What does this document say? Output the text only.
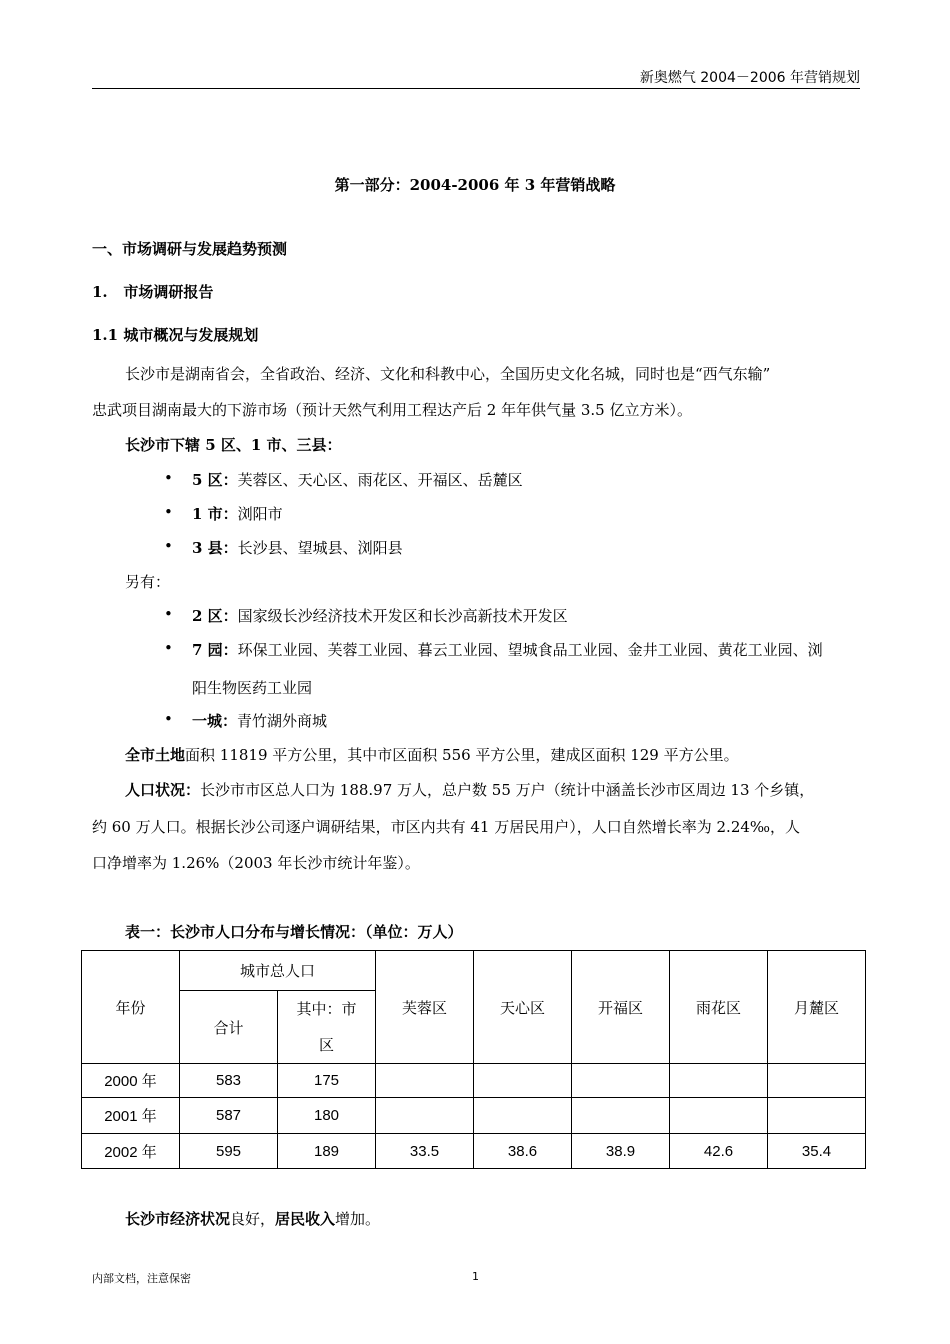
新奥燃气 2004－2006 年营销规划
第一部分：2004-2006 年 3 年营销战略
一、市场调研与发展趋势预测
1. 市场调研报告
1.1 城市概况与发展规划
长沙市是湖南省会，全省政治、经济、文化和科教中心，全国历史文化名城，同时也是“西气东输”
忠武项目湖南最大的下游市场（预计天然气利用工程达产后 2 年年供气量 3.5 亿立方米）。
长沙市下辖 5 区、1 市、三县：
• 5 区：芙蓉区、天心区、雨花区、开福区、岳麓区
• 1 市：浏阳市
• 3 县：长沙县、望城县、浏阳县
另有：
• 2 区：国家级长沙经济技术开发区和长沙高新技术开发区
• 7 园：环保工业园、芙蓉工业园、暮云工业园、望城食品工业园、金井工业园、黄花工业园、浏
阳生物医药工业园
• 一城：青竹湖外商城
全市土地面积 11819 平方公里，其中市区面积 556 平方公里，建成区面积 129 平方公里。
人口状况：长沙市市区总人口为 188.97 万人，总户数 55 万户（统计中涵盖长沙市区周边 13 个乡镇，
约 60 万人口。根据长沙公司逐户调研结果，市区内共有 41 万居民用户），人口自然增长率为 2.24‰，人
口净增率为 1.26%（2003 年长沙市统计年鉴）。
表一：长沙市人口分布与增长情况：（单位：万人）
年份	城市总人口		芙蓉区	天心区	开福区	雨花区	月麓区
	合计	其中：市
区					

2000 年	583	175					
2001 年	587	180					
2002 年	595	189	33.5	38.6	38.9	42.6	35.4
长沙市经济状况良好，居民收入增加。
内部文档，注意保密	1
